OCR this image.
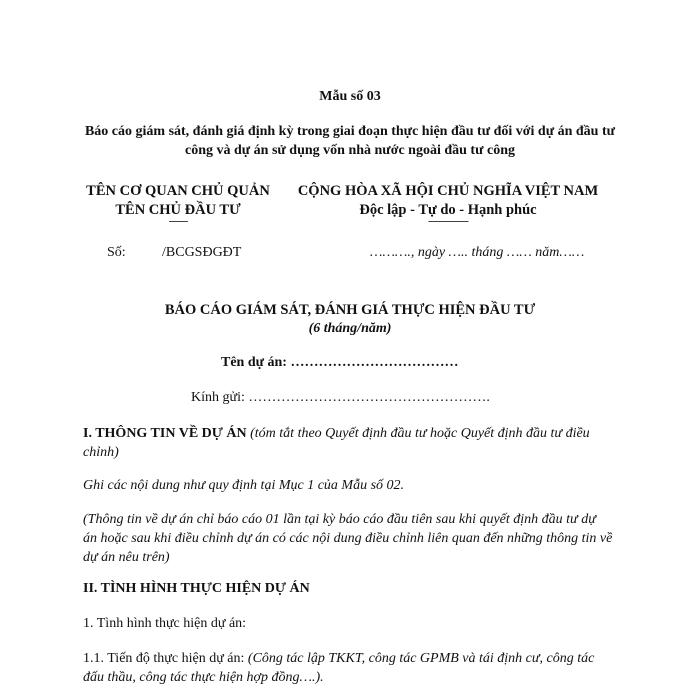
Mẫu số 03
Báo cáo giám sát, đánh giá định kỳ trong giai đoạn thực hiện đầu tư đối với dự án đầu tư công và dự án sử dụng vốn nhà nước ngoài đầu tư công
TÊN CƠ QUAN CHỦ QUẢN
TÊN CHỦ ĐẦU TƯ
CỘNG HÒA XÃ HỘI CHỦ NGHĨA VIỆT NAM
Độc lập - Tự do - Hạnh phúc
-------	---------------
Số:	/BCGSĐGĐT	………., ngày ….. tháng …… năm……
BÁO CÁO GIÁM SÁT, ĐÁNH GIÁ THỰC HIỆN ĐẦU TƯ
(6 tháng/năm)
Tên dự án: ………………………………
Kính gửi: …………………………………………….
I. THÔNG TIN VỀ DỰ ÁN (tóm tắt theo Quyết định đầu tư hoặc Quyết định đầu tư điều chỉnh)
Ghi các nội dung như quy định tại Mục 1 của Mẫu số 02.
(Thông tin về dự án chỉ báo cáo 01 lần tại kỳ báo cáo đầu tiên sau khi quyết định đầu tư dự án hoặc sau khi điều chỉnh dự án có các nội dung điều chỉnh liên quan đến những thông tin về dự án nêu trên)
II. TÌNH HÌNH THỰC HIỆN DỰ ÁN
1. Tình hình thực hiện dự án:
1.1. Tiến độ thực hiện dự án: (Công tác lập TKKT, công tác GPMB và tái định cư, công tác đấu thầu, công tác thực hiện hợp đồng….).
